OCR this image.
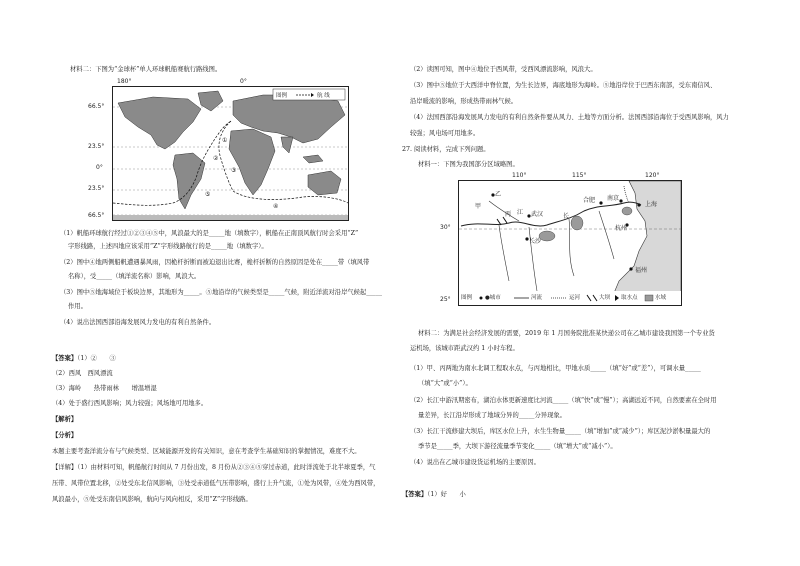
材料二：下图为“金球杯”单人环球帆船赛航行路线图。
180°	0°
66.5°
23.5°
0°
23.5°
66.5°
图例	航 线
①
②
③
④
⑤
（1）帆船环球航行经过①②③④⑤中，风浪最大的是_____地（填数字），帆船在正南顶风航行时会采用“Z”
字形线路，上述四地应该采用“Z”字形线路航行的是_____地（填数字）。
（2）图中④地两侧船帆遭遇暴风雨，因桅杆折断而被迫退出比赛，桅杆折断的自然原因是处在_____带（填风带
名称），受_____（填洋流名称）影响，风浪大。
（3）图中⑤地海域位于板块边界，其地形为_____。⑤地沿岸的气候类型是_____气候，附近洋流对沿岸气候起_____
作用。
（4）说出法国西部沿海发展风力发电的有利自然条件。
【答案】（1）②　　③
（2）西风　西风漂流
（3）海岭　　热带雨林　　增温增湿
（4）处于盛行西风影响；风力较强；风场地可用地多。
【解析】
【分析】
本题主要考查洋流分布与气候类型、区域能源开发的有关知识，意在考查学生基础知识的掌握情况，难度不大。
【详解】（1）由材料可知，帆船航行时间从 7 月份出发，8 月份从②③④⑤穿过赤道，此时洋流处于北半球夏季，气
压带、风带位置北移，②处受东北信风影响，③处受赤道低气压带影响，盛行上升气流，①处为风带，④处为西风带，
风浪最小，⑤处受东南信风影响，航向与风向相反，采用“Z”字形线路。
（2）读图可知，图中④地位于西风带，受西风漂流影响，风浪大。
（3）图中⑤地位于大西洋中脊位置，为生长边界，海底地形为海岭。⑤地沿岸位于巴西东南部，受东南信风、
沿岸暖流的影响，形成热带雨林气候。
（4）法国西部沿海发展风力发电的有利自然条件要从风力、土地等方面分析。法国西部沿海位于受西风影响，风力
较强；风电场可用地多。
27. 阅读材料，完成下列问题。
材料一：下图为我国部分区域略图。
110°	115°	120°
30°
25°
乙
丙
甲
江 武汉
长沙
合肥 南京
上海
杭州
长
福州
图例 ●城市	河流	运河	大坝 取水点	水域
材料二：为满足社会经济发展的需要，2019 年 1 月国务院批准某快递公司在乙城市建设我国第一个专业货
运机场，该城市距武汉约 1 小时车程。
（1）甲、丙两地为南水北调工程取水点，与丙地相比，甲地水质_____（填“好”或“差”），可调水量_____
（填“大”或“小”）。
（2）长江中游汛期密布，湖泊水体更新速度比河流_____（填“快”或“慢”）；高湖远近不同，自然要素在全时用
量差异，长江沿岸形成了地域分异的_____分异现象。
（3）长江干流修建大坝后，库区水位上升，水生生物量_____（填“增加”或“减少”）；库区泥沙淤积量最大的
季节是_____季，大坝下游径流量季节变化_____（填“增大”或“减小”）。
（4）说出在乙城市建设货运机场的主要原因。
【答案】（1）好　　小
